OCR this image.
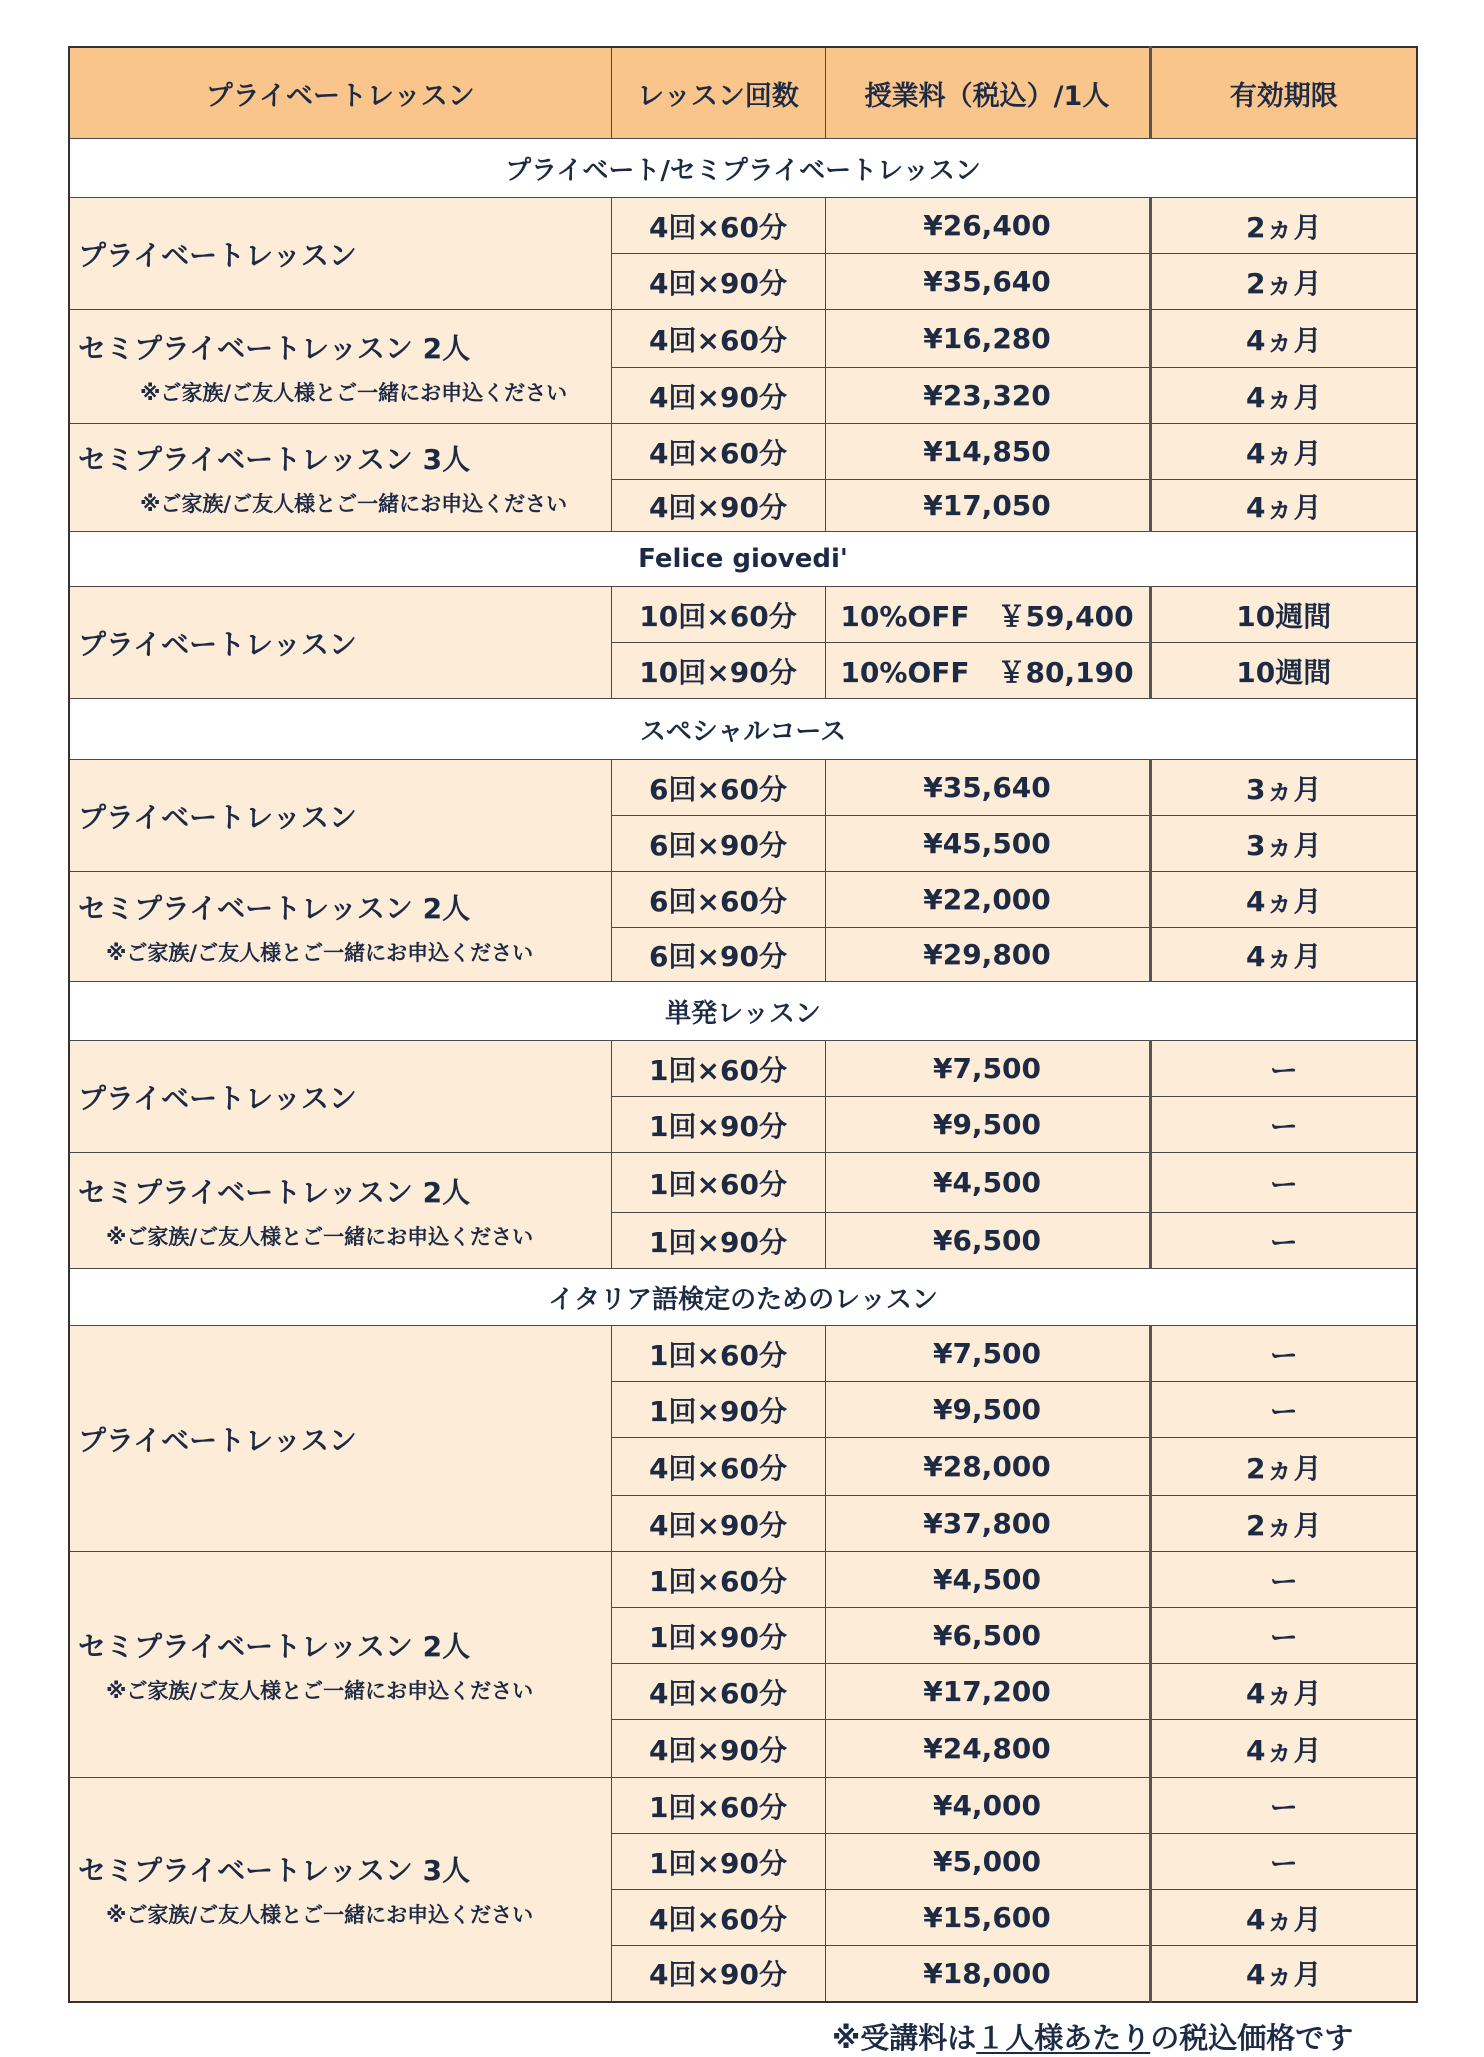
プライベートレッスン	レッスン回数	授業料（税込）/1人	有効期限
プライベート/セミプライベートレッスン			

プライベートレッスン	4回×60分	¥26,400	2ヵ月
	4回×90分	¥35,640	2ヵ月

セミプライベートレッスン 2人
※ご家族/ご友人様とご一緒にお申込ください	4回×60分	¥16,280	4ヵ月
	4回×90分	¥23,320	4ヵ月

セミプライベートレッスン 3人
※ご家族/ご友人様とご一緒にお申込ください	4回×60分	¥14,850	4ヵ月
	4回×90分	¥17,050	4ヵ月
Felice giovedi'			

プライベートレッスン	10回×60分	10%OFF　￥59,400	10週間
	10回×90分	10%OFF　￥80,190	10週間
スペシャルコース			

プライベートレッスン	6回×60分	¥35,640	3ヵ月
	6回×90分	¥45,500	3ヵ月

セミプライベートレッスン 2人
※ご家族/ご友人様とご一緒にお申込ください	6回×60分	¥22,000	4ヵ月
	6回×90分	¥29,800	4ヵ月
単発レッスン			

プライベートレッスン	1回×60分	¥7,500	ー
	1回×90分	¥9,500	ー

セミプライベートレッスン 2人
※ご家族/ご友人様とご一緒にお申込ください	1回×60分	¥4,500	ー
	1回×90分	¥6,500	ー
イタリア語検定のためのレッスン			

プライベートレッスン	1回×60分	¥7,500	ー
	1回×90分	¥9,500	ー
	4回×60分	¥28,000	2ヵ月
	4回×90分	¥37,800	2ヵ月

セミプライベートレッスン 2人
※ご家族/ご友人様とご一緒にお申込ください	1回×60分	¥4,500	ー
	1回×90分	¥6,500	ー
	4回×60分	¥17,200	4ヵ月
	4回×90分	¥24,800	4ヵ月

セミプライベートレッスン 3人
※ご家族/ご友人様とご一緒にお申込ください	1回×60分	¥4,000	ー
	1回×90分	¥5,000	ー
	4回×60分	¥15,600	4ヵ月
	4回×90分	¥18,000	4ヵ月
※受講料は１人様あたりの税込価格です
